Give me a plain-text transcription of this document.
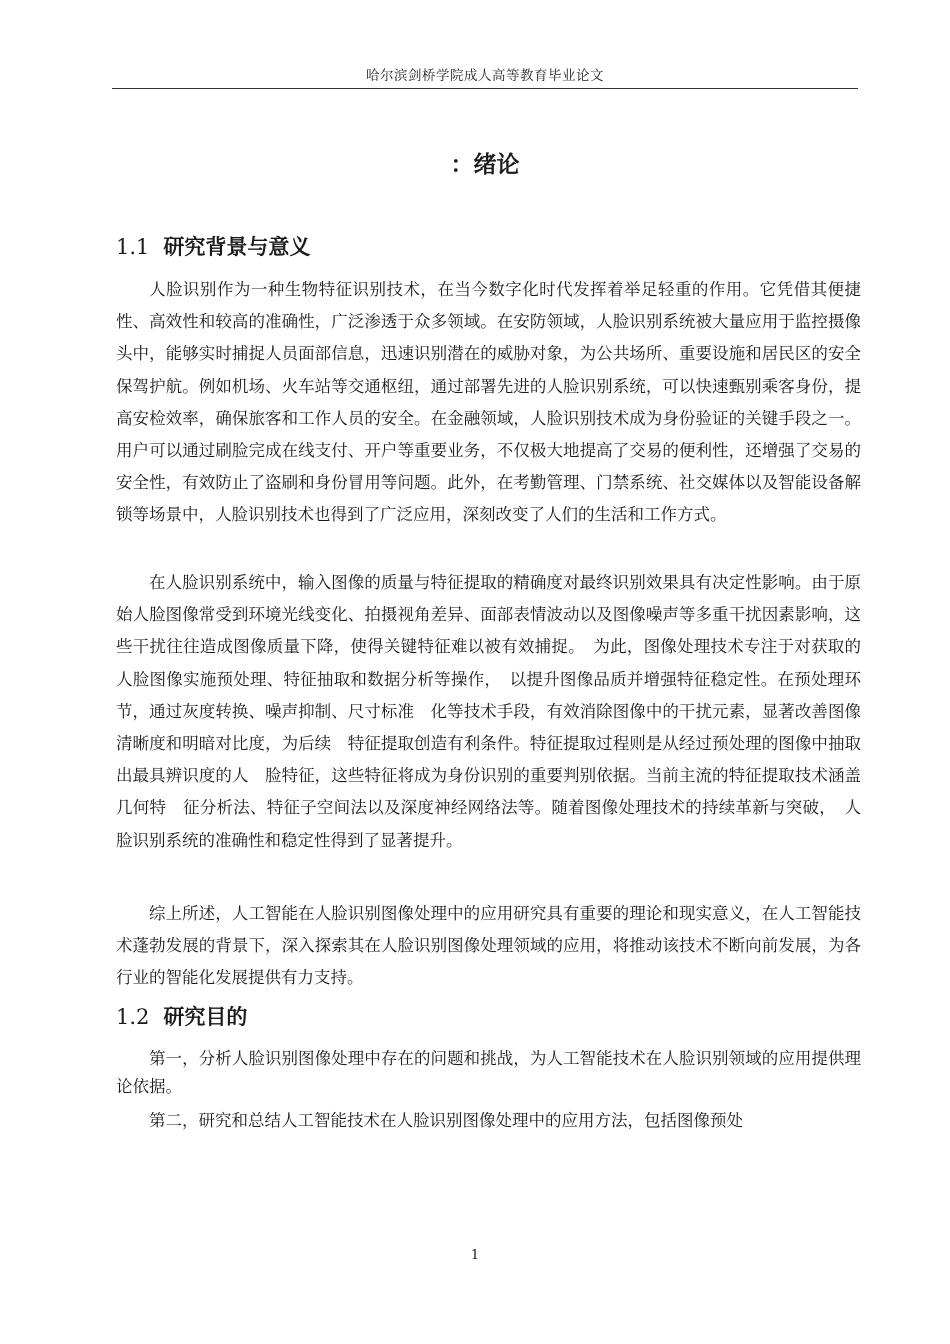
哈尔滨剑桥学院成人高等教育毕业论文
：绪论
1.1 研究背景与意义

人脸识别作为一种生物特征识别技术，在当今数字化时代发挥着举足轻重的作用。它凭借其便捷性、高效性和较高的准确性，广泛渗透于众多领域。在安防领域，人脸识别系统被大量应用于监控摄像头中，能够实时捕捉人员面部信息，迅速识别潜在的威胁对象，为公共场所、重要设施和居民区的安全保驾护航。例如机场、火车站等交通枢纽，通过部署先进的人脸识别系统，可以快速甄别乘客身份，提高安检效率，确保旅客和工作人员的安全。在金融领域，人脸识别技术成为身份验证的关键手段之一。用户可以通过刷脸完成在线支付、开户等重要业务，不仅极大地提高了交易的便利性，还增强了交易的安全性，有效防止了盗刷和身份冒用等问题。此外，在考勤管理、门禁系统、社交媒体以及智能设备解锁等场景中，人脸识别技术也得到了广泛应用，深刻改变了人们的生活和工作方式。

在人脸识别系统中，输入图像的质量与特征提取的精确度对最终识别效果具有决定性影响。由于原始人脸图像常受到环境光线变化、拍摄视角差异、面部表情波动以及图像噪声等多重干扰因素影响，这些干扰往往造成图像质量下降，使得关键特征难以被有效捕捉。　为此，图像处理技术专注于对获取的人脸图像实施预处理、特征抽取和数据分析等操作，　以提升图像品质并增强特征稳定性。在预处理环节，通过灰度转换、噪声抑制、尺寸标准　化等技术手段，有效消除图像中的干扰元素，显著改善图像清晰度和明暗对比度，为后续　特征提取创造有利条件。特征提取过程则是从经过预处理的图像中抽取出最具辨识度的人　脸特征，这些特征将成为身份识别的重要判别依据。当前主流的特征提取技术涵盖几何特　征分析法、特征子空间法以及深度神经网络法等。随着图像处理技术的持续革新与突破，　人脸识别系统的准确性和稳定性得到了显著提升。

综上所述，人工智能在人脸识别图像处理中的应用研究具有重要的理论和现实意义，在人工智能技术蓬勃发展的背景下，深入探索其在人脸识别图像处理领域的应用，将推动该技术不断向前发展，为各行业的智能化发展提供有力支持。

1.2 研究目的

第一，分析人脸识别图像处理中存在的问题和挑战，为人工智能技术在人脸识别领域的应用提供理论依据。

第二，研究和总结人工智能技术在人脸识别图像处理中的应用方法，包括图像预处

1
